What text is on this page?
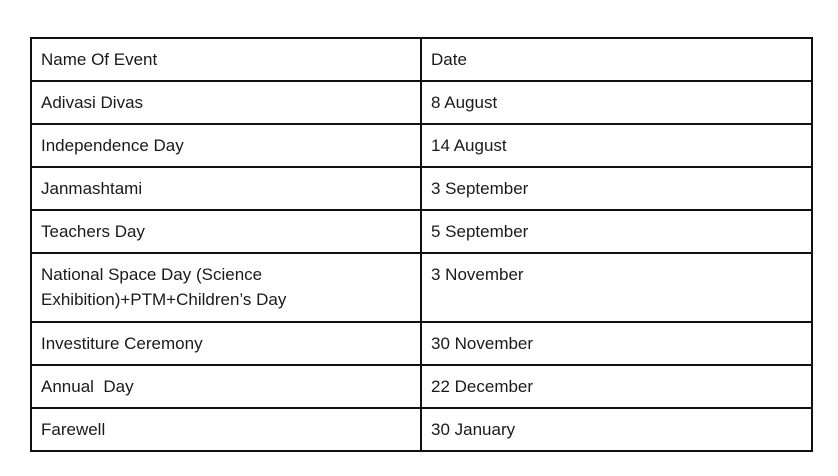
Name Of Event	Date
Adivasi Divas	8 August
Independence Day	14 August
Janmashtami	3 September
Teachers Day	5 September
National Space Day (Science Exhibition)+PTM+Children’s Day	3 November
Investiture Ceremony	30 November
Annual  Day	22 December
Farewell	30 January
